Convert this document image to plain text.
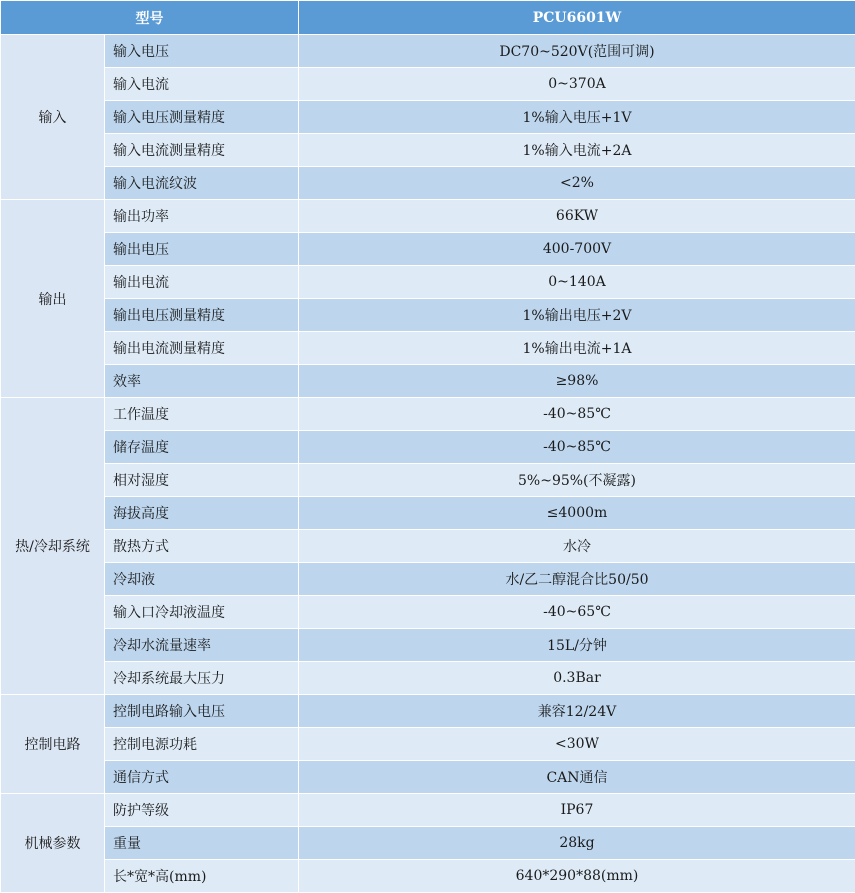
型号		PCU6601W
输入	输入电压	DC70~520V(范围可调)
	输入电流	0~370A
	输入电压测量精度	1%输入电压+1V
	输入电流测量精度	1%输入电流+2A
	输入电流纹波	<2%
输出	输出功率	66KW
	输出电压	400-700V
	输出电流	0~140A
	输出电压测量精度	1%输出电压+2V
	输出电流测量精度	1%输出电流+1A
	效率	≥98%
热/冷却系统	工作温度	-40~85℃
	储存温度	-40~85℃
	相对湿度	5%~95%(不凝露)
	海拔高度	≤4000m
	散热方式	水冷
	冷却液	水/乙二醇混合比50/50
	输入口冷却液温度	-40~65℃
	冷却水流量速率	15L/分钟
	冷却系统最大压力	0.3Bar
控制电路	控制电路输入电压	兼容12/24V
	控制电源功耗	<30W
	通信方式	CAN通信
机械参数	防护等级	IP67
	重量	28kg
	长*宽*高(mm)	640*290*88(mm)
